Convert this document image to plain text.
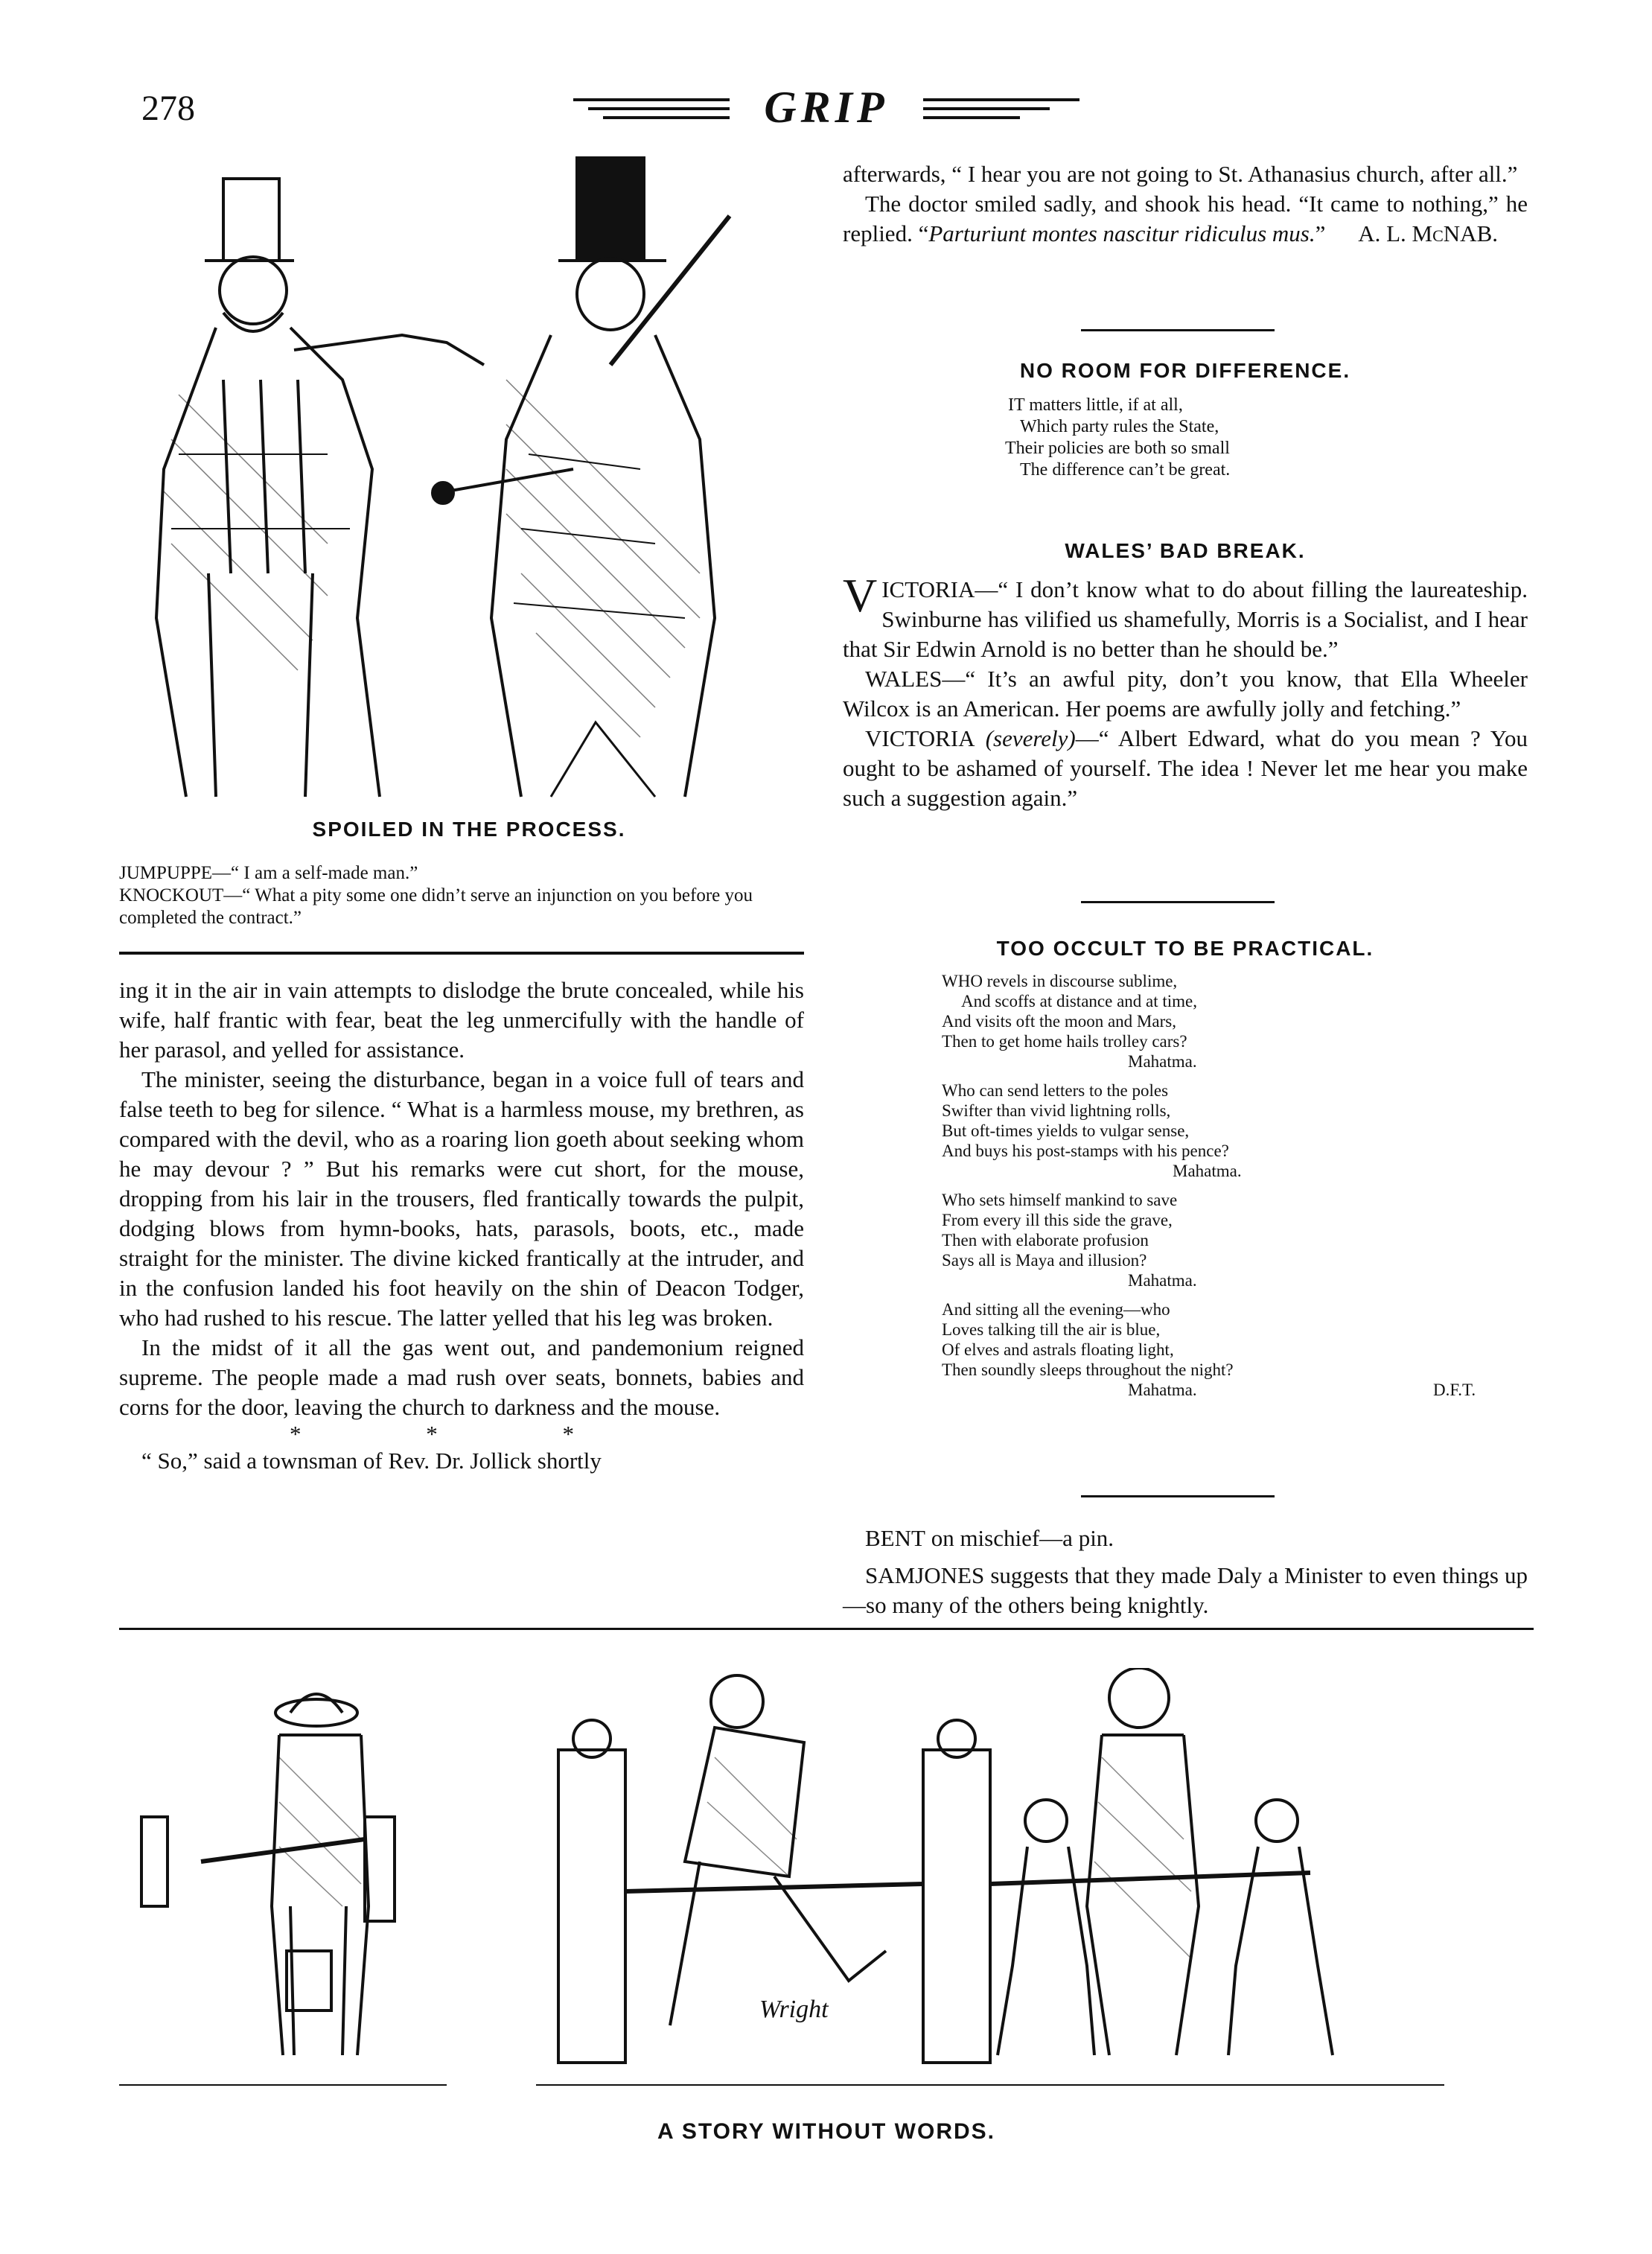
278	GRIP
SPOILED IN THE PROCESS.
JUMPUPPE—“ I am a self-made man.”
KNOCKOUT—“ What a pity some one didn’t serve an injunction on you before you completed the contract.”

ing it in the air in vain attempts to dislodge the brute concealed, while his wife, half frantic with fear, beat the leg unmercifully with the handle of her parasol, and yelled for assistance.

The minister, seeing the disturbance, began in a voice full of tears and false teeth to beg for silence. “ What is a harmless mouse, my brethren, as compared with the devil, who as a roaring lion goeth about seeking whom he may devour ? ” But his remarks were cut short, for the mouse, dropping from his lair in the trousers, fled frantically towards the pulpit, dodging blows from hymn-books, hats, parasols, boots, etc., made straight for the minister. The divine kicked frantically at the intruder, and in the confusion landed his foot heavily on the shin of Deacon Todger, who had rushed to his rescue. The latter yelled that his leg was broken.

In the midst of it all the gas went out, and pandemonium reigned supreme. The people made a mad rush over seats, bonnets, babies and corns for the door, leaving the church to darkness and the mouse.

* * *

“ So,” said a townsman of Rev. Dr. Jollick shortly

afterwards, “ I hear you are not going to St. Athanasius church, after all.”

The doctor smiled sadly, and shook his head. “It came to nothing,” he replied. “Parturiunt montes nascitur ridiculus mus.”	A. L. McNAB.

NO ROOM FOR DIFFERENCE.
IT matters little, if at all,
Which party rules the State,
Their policies are both so small
The difference can’t be great.
WALES’ BAD BREAK.

VICTORIA—“ I don’t know what to do about filling the laureateship. Swinburne has vilified us shamefully, Morris is a Socialist, and I hear that Sir Edwin Arnold is no better than he should be.”

WALES—“ It’s an awful pity, don’t you know, that Ella Wheeler Wilcox is an American. Her poems are awfully jolly and fetching.”

VICTORIA (severely)—“ Albert Edward, what do you mean ? You ought to be ashamed of yourself. The idea ! Never let me hear you make such a suggestion again.”

TOO OCCULT TO BE PRACTICAL.
WHO revels in discourse sublime,
And scoffs at distance and at time,
And visits oft the moon and Mars,
Then to get home hails trolley cars?
Mahatma.
Who can send letters to the poles
Swifter than vivid lightning rolls,
But oft-times yields to vulgar sense,
And buys his post-stamps with his pence?
Mahatma.
Who sets himself mankind to save
From every ill this side the grave,
Then with elaborate profusion
Says all is Maya and illusion?
Mahatma.
And sitting all the evening—who
Loves talking till the air is blue,
Of elves and astrals floating light,
Then soundly sleeps throughout the night?
Mahatma.	D.F.T.

BENT on mischief—a pin.

SAMJONES suggests that they made Daly a Minister to even things up —so many of the others being knightly.

Wright
A STORY WITHOUT WORDS.
